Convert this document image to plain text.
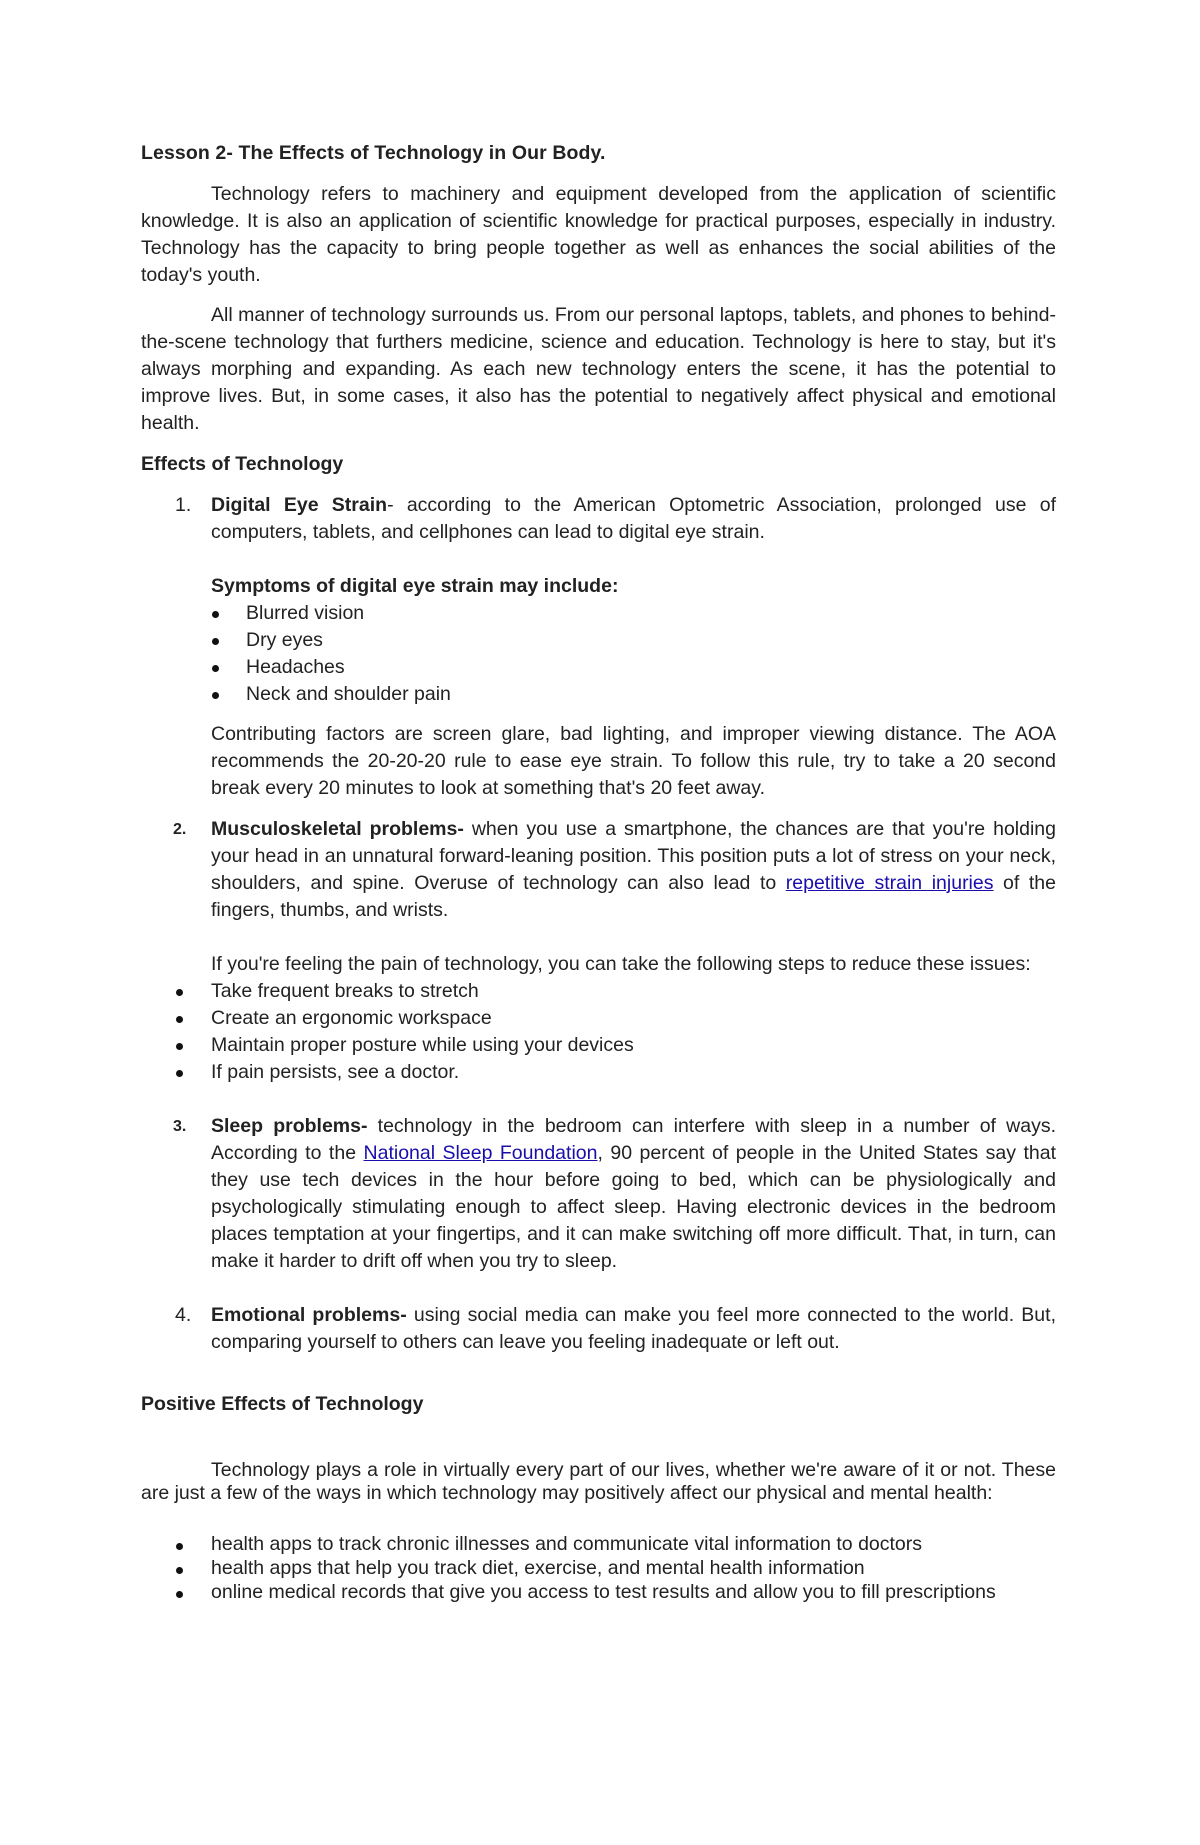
Lesson 2- The Effects of Technology in Our Body.

Technology refers to machinery and equipment developed from the application of scientific knowledge. It is also an application of scientific knowledge for practical purposes, especially in industry. Technology has the capacity to bring people together as well as enhances the social abilities of the today's youth.

All manner of technology surrounds us. From our personal laptops, tablets, and phones to behind-the-scene technology that furthers medicine, science and education. Technology is here to stay, but it's always morphing and expanding. As each new technology enters the scene, it has the potential to improve lives. But, in some cases, it also has the potential to negatively affect physical and emotional health.

Effects of Technology
1. Digital Eye Strain- according to the American Optometric Association, prolonged use of computers, tablets, and cellphones can lead to digital eye strain.

Symptoms of digital eye strain may include:
Blurred vision
Dry eyes
Headaches
Neck and shoulder pain

Contributing factors are screen glare, bad lighting, and improper viewing distance. The AOA recommends the 20-20-20 rule to ease eye strain. To follow this rule, try to take a 20 second break every 20 minutes to look at something that's 20 feet away.

2. Musculoskeletal problems- when you use a smartphone, the chances are that you're holding your head in an unnatural forward-leaning position. This position puts a lot of stress on your neck, shoulders, and spine. Overuse of technology can also lead to repetitive strain injuries of the fingers, thumbs, and wrists.

If you're feeling the pain of technology, you can take the following steps to reduce these issues:

Take frequent breaks to stretch
Create an ergonomic workspace
Maintain proper posture while using your devices
If pain persists, see a doctor.
3. Sleep problems- technology in the bedroom can interfere with sleep in a number of ways. According to the National Sleep Foundation, 90 percent of people in the United States say that they use tech devices in the hour before going to bed, which can be physiologically and psychologically stimulating enough to affect sleep. Having electronic devices in the bedroom places temptation at your fingertips, and it can make switching off more difficult. That, in turn, can make it harder to drift off when you try to sleep.

4. Emotional problems- using social media can make you feel more connected to the world. But, comparing yourself to others can leave you feeling inadequate or left out.

Positive Effects of Technology

Technology plays a role in virtually every part of our lives, whether we're aware of it or not. These are just a few of the ways in which technology may positively affect our physical and mental health:

health apps to track chronic illnesses and communicate vital information to doctors
health apps that help you track diet, exercise, and mental health information
online medical records that give you access to test results and allow you to fill prescriptions
